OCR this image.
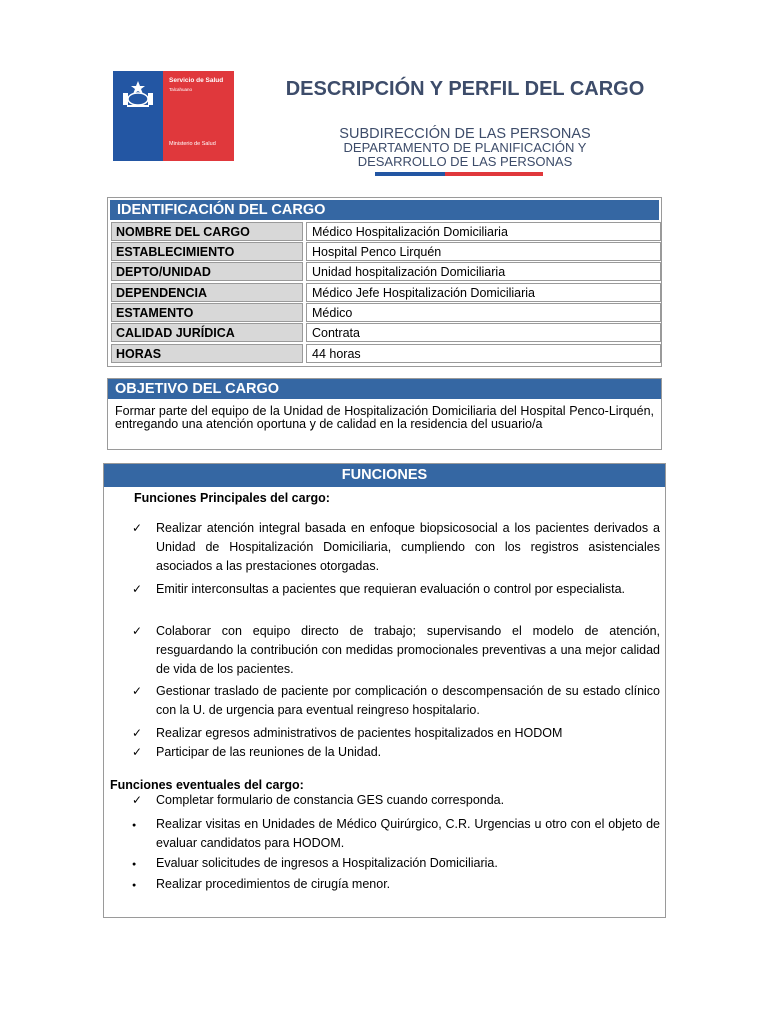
Servicio de Salud
Talcahuano
Ministerio de Salud
DESCRIPCIÓN Y PERFIL DEL CARGO
SUBDIRECCIÓN DE LAS PERSONAS
DEPARTAMENTO DE PLANIFICACIÓN Y
DESARROLLO DE LAS PERSONAS
IDENTIFICACIÓN DEL CARGO
NOMBRE DEL CARGO	Médico Hospitalización Domiciliaria
ESTABLECIMIENTO	Hospital Penco Lirquén
DEPTO/UNIDAD	Unidad hospitalización Domiciliaria
DEPENDENCIA	Médico Jefe Hospitalización Domiciliaria
ESTAMENTO	Médico
CALIDAD JURÍDICA	Contrata
HORAS	44 horas
OBJETIVO DEL CARGO
Formar parte del equipo de la Unidad de Hospitalización Domiciliaria del Hospital Penco-Lirquén, entregando una atención oportuna y de calidad en la residencia del usuario/a
FUNCIONES
Funciones Principales del cargo:
✓	Realizar atención integral basada en enfoque biopsicosocial a los pacientes derivados a Unidad de Hospitalización Domiciliaria, cumpliendo con los registros asistenciales asociados a las prestaciones otorgadas.
✓	Emitir interconsultas a pacientes que requieran evaluación o control por especialista.
✓	Colaborar con equipo directo de trabajo; supervisando el modelo de atención, resguardando la contribución con medidas promocionales preventivas a una mejor calidad de vida de los pacientes.
✓	Gestionar traslado de paciente por complicación o descompensación de su estado clínico con la U. de urgencia para eventual reingreso hospitalario.
✓	Realizar egresos administrativos de pacientes hospitalizados en HODOM
✓	Participar de las reuniones de la Unidad.
Funciones eventuales del cargo:
✓	Completar formulario de constancia GES cuando corresponda.
●	Realizar visitas en Unidades de Médico Quirúrgico, C.R. Urgencias u otro con el objeto de evaluar candidatos para HODOM.
●	Evaluar solicitudes de ingresos a Hospitalización Domiciliaria.
●	Realizar procedimientos de cirugía menor.
